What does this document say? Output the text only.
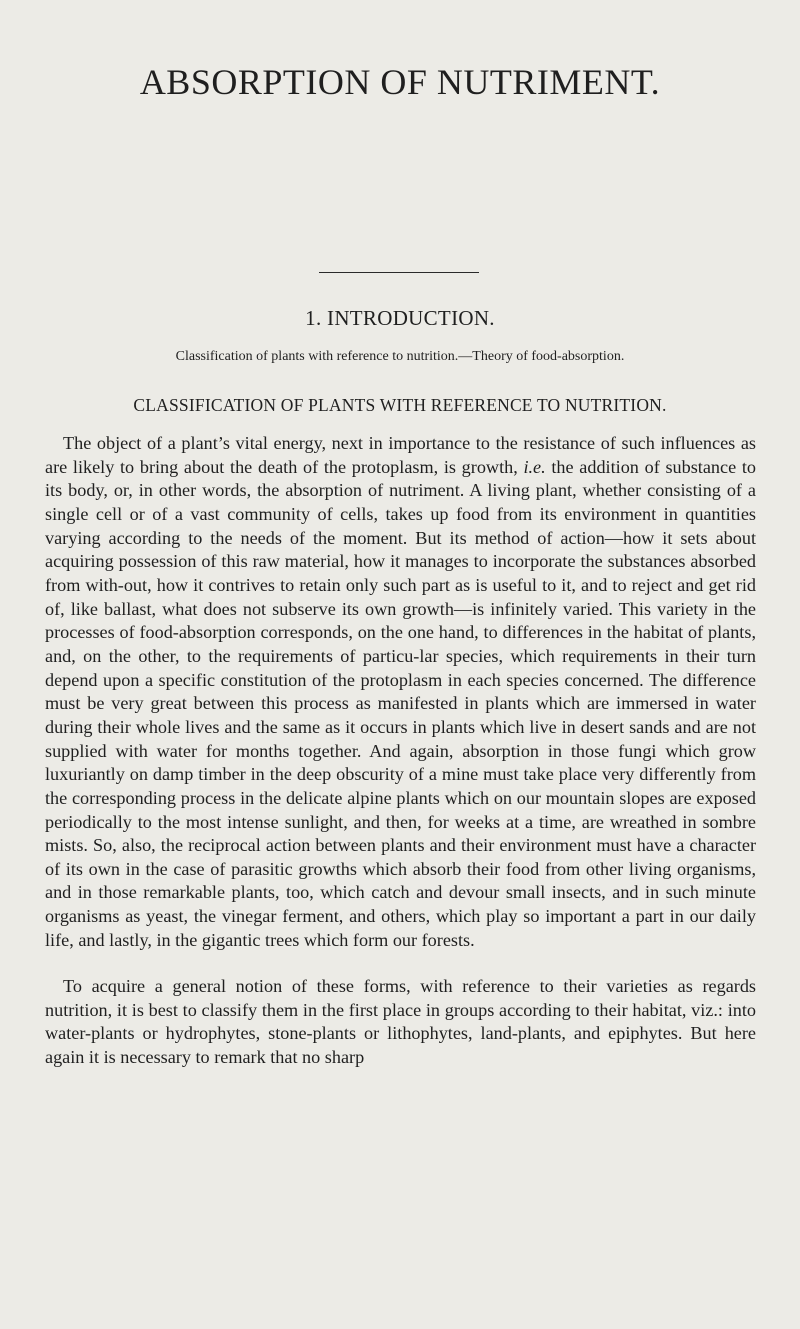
ABSORPTION OF NUTRIMENT.
1. INTRODUCTION.

Classification of plants with reference to nutrition.—Theory of food-absorption.

CLASSIFICATION OF PLANTS WITH REFERENCE TO NUTRITION.

The object of a plant’s vital energy, next in importance to the resistance of such influences as are likely to bring about the death of the protoplasm, is growth, i.e. the addition of substance to its body, or, in other words, the absorption of nutriment. A living plant, whether consisting of a single cell or of a vast community of cells, takes up food from its environment in quantities varying according to the needs of the moment. But its method of action—how it sets about acquiring possession of this raw material, how it manages to incorporate the substances absorbed from with-out, how it contrives to retain only such part as is useful to it, and to reject and get rid of, like ballast, what does not subserve its own growth—is infinitely varied. This variety in the processes of food-absorption corresponds, on the one hand, to differences in the habitat of plants, and, on the other, to the requirements of particu-lar species, which requirements in their turn depend upon a specific constitution of the protoplasm in each species concerned. The difference must be very great between this process as manifested in plants which are immersed in water during their whole lives and the same as it occurs in plants which live in desert sands and are not supplied with water for months together. And again, absorption in those fungi which grow luxuriantly on damp timber in the deep obscurity of a mine must take place very differently from the corresponding process in the delicate alpine plants which on our mountain slopes are exposed periodically to the most intense sunlight, and then, for weeks at a time, are wreathed in sombre mists. So, also, the reciprocal action between plants and their environment must have a character of its own in the case of parasitic growths which absorb their food from other living organisms, and in those remarkable plants, too, which catch and devour small insects, and in such minute organisms as yeast, the vinegar ferment, and others, which play so important a part in our daily life, and lastly, in the gigantic trees which form our forests.

To acquire a general notion of these forms, with reference to their varieties as regards nutrition, it is best to classify them in the first place in groups according to their habitat, viz.: into water-plants or hydrophytes, stone-plants or lithophytes, land-plants, and epiphytes. But here again it is necessary to remark that no sharp
